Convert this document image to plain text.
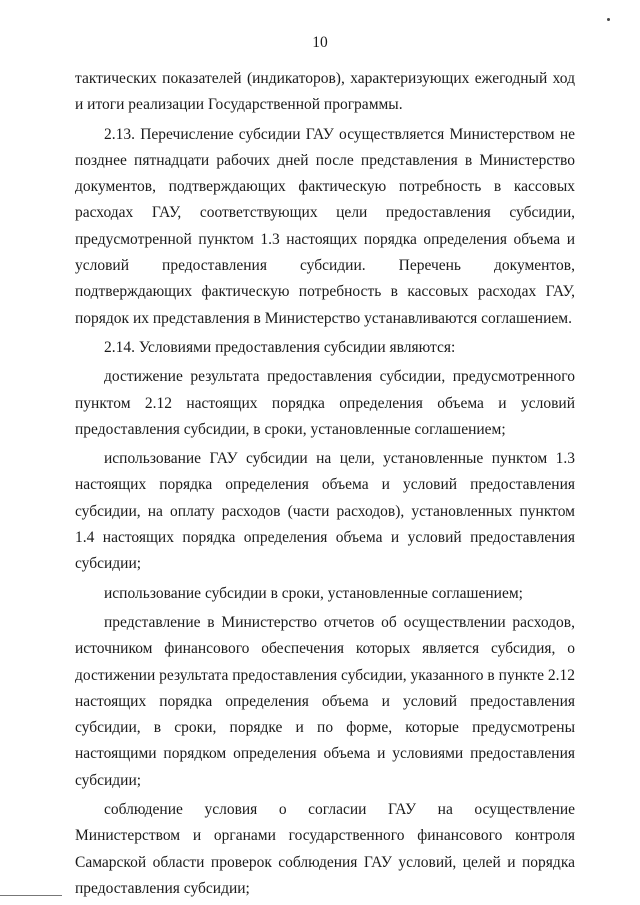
10

тактических показателей (индикаторов), характеризующих ежегодный ход и итоги реализации Государственной программы.

2.13. Перечисление субсидии ГАУ осуществляется Министерством не позднее пятнадцати рабочих дней после представления в Министерство документов, подтверждающих фактическую потребность в кассовых расходах ГАУ, соответствующих цели предоставления субсидии, предусмотренной пунктом 1.3 настоящих порядка определения объема и условий предоставления субсидии. Перечень документов, подтверждающих фактическую потребность в кассовых расходах ГАУ, порядок их представления в Министерство устанавливаются соглашением.

2.14. Условиями предоставления субсидии являются:

достижение результата предоставления субсидии, предусмотренного пунктом 2.12 настоящих порядка определения объема и условий предоставления субсидии, в сроки, установленные соглашением;

использование ГАУ субсидии на цели, установленные пунктом 1.3 настоящих порядка определения объема и условий предоставления субсидии, на оплату расходов (части расходов), установленных пунктом 1.4 настоящих порядка определения объема и условий предоставления субсидии;

использование субсидии в сроки, установленные соглашением;

представление в Министерство отчетов об осуществлении расходов, источником финансового обеспечения которых является субсидия, о достижении результата предоставления субсидии, указанного в пункте 2.12 настоящих порядка определения объема и условий предоставления субсидии, в сроки, порядке и по форме, которые предусмотрены настоящими порядком определения объема и условиями предоставления субсидии;

соблюдение условия о согласии ГАУ на осуществление Министерством и органами государственного финансового контроля Самарской области проверок соблюдения ГАУ условий, целей и порядка предоставления субсидии;
